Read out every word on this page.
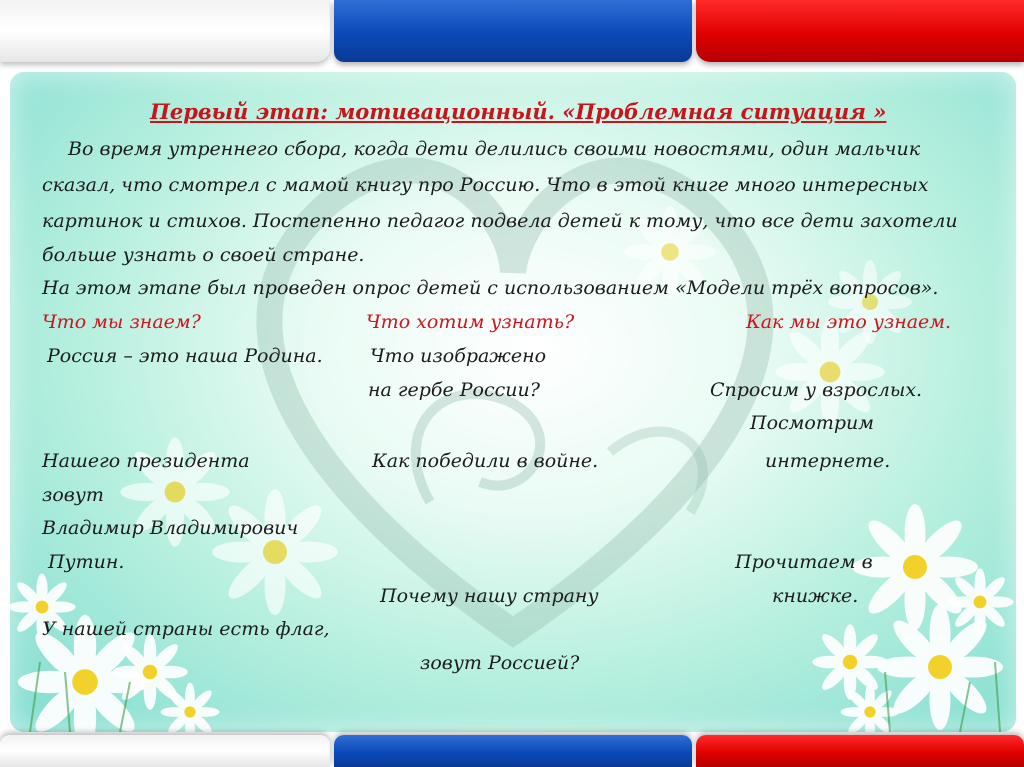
Первый этап: мотивационный. «Проблемная ситуация »
Во время утреннего сбора, когда дети делились своими новостями, один мальчик
сказал, что смотрел с мамой книгу про Россию. Что в этой книге много интересных
картинок и стихов. Постепенно педагог подвела детей к тому, что все дети захотели
больше узнать о своей стране.
На этом этапе был проведен опрос детей с использованием «Модели трёх вопросов».
Что мы знаем?	Что хотим узнать?	Как мы это узнаем.
Россия – это наша Родина.
Нашего президента
зовут
Владимир Владимирович
Путин.
У нашей страны есть флаг,
Что изображено
на гербе России?
Как победили в войне.
Почему нашу страну
зовут Россией?
Спросим у взрослых.
Посмотрим
интернете.
Прочитаем в
книжке.
